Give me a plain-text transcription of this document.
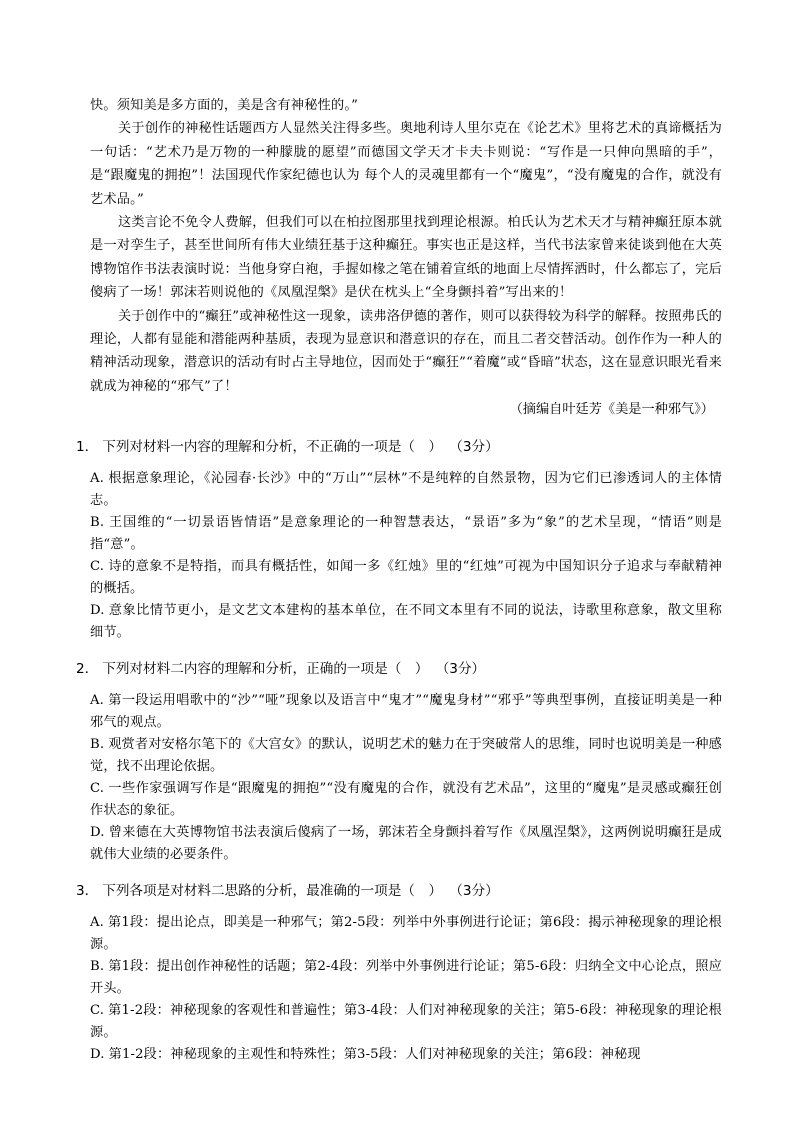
快。须知美是多方面的，美是含有神秘性的。”

关于创作的神秘性话题西方人显然关注得多些。奥地利诗人里尔克在《论艺术》里将艺术的真谛概括为一句话：“艺术乃是万物的一种朦胧的愿望”而德国文学天才卡夫卡则说：“写作是一只伸向黑暗的手”，是“跟魔鬼的拥抱”！法国现代作家纪德也认为 每个人的灵魂里都有一个“魔鬼”，“没有魔鬼的合作，就没有艺术品。”

这类言论不免令人费解，但我们可以在柏拉图那里找到理论根源。柏氏认为艺术天才与精神癫狂原本就是一对孪生子，甚至世间所有伟大业绩狂基于这种癫狂。事实也正是这样，当代书法家曾来徒谈到他在大英博物馆作书法表演时说：当他身穿白袍，手握如椽之笔在铺着宣纸的地面上尽情挥洒时，什么都忘了，完后傻病了一场！郭沫若则说他的《凤凰涅槃》是伏在枕头上“全身颤抖着”写出来的！

关于创作中的“癫狂”或神秘性这一现象，读弗洛伊德的著作，则可以获得较为科学的解释。按照弗氏的理论，人都有显能和潜能两种基质，表现为显意识和潜意识的存在，而且二者交替活动。创作作为一种人的精神活动现象，潜意识的活动有时占主导地位，因而处于“癫狂”“着魔”或“昏暗”状态，这在显意识眼光看来就成为神秘的“邪气”了！

（摘编自叶廷芳《美是一种邪气》）

1． 下列对材料一内容的理解和分析，不正确的一项是（　） （3分）

A. 根据意象理论，《沁园春·长沙》中的“万山”“层林”不是纯粹的自然景物，因为它们已渗透词人的主体情志。

B. 王国维的“一切景语皆情语”是意象理论的一种智慧表达，“景语”多为“象”的艺术呈现，“情语”则是指“意”。

C. 诗的意象不是特指，而具有概括性，如闻一多《红烛》里的“红烛”可视为中国知识分子追求与奉献精神的概括。

D. 意象比情节更小，是文艺文本建构的基本单位，在不同文本里有不同的说法，诗歌里称意象，散文里称细节。

2． 下列对材料二内容的理解和分析，正确的一项是（　） （3分）

A. 第一段运用唱歌中的“沙”“哑”现象以及语言中“鬼才”“魔鬼身材”“邪乎”等典型事例，直接证明美是一种邪气的观点。

B. 观赏者对安格尔笔下的《大宫女》的默认，说明艺术的魅力在于突破常人的思维，同时也说明美是一种感觉，找不出理论依据。

C. 一些作家强调写作是“跟魔鬼的拥抱”“没有魔鬼的合作，就没有艺术品”，这里的“魔鬼”是灵感或癫狂创作状态的象征。

D. 曾来德在大英博物馆书法表演后傻病了一场，郭沫若全身颤抖着写作《凤凰涅槃》，这两例说明癫狂是成就伟大业绩的必要条件。

3． 下列各项是对材料二思路的分析，最准确的一项是（　） （3分）

A. 第1段：提出论点，即美是一种邪气；第2-5段：列举中外事例进行论证；第6段：揭示神秘现象的理论根源。

B. 第1段：提出创作神秘性的话题；第2-4段：列举中外事例进行论证；第5-6段：归纳全文中心论点，照应开头。

C. 第1-2段：神秘现象的客观性和普遍性；第3-4段：人们对神秘现象的关注；第5-6段：神秘现象的理论根源。

D. 第1-2段：神秘现象的主观性和特殊性；第3-5段：人们对神秘现象的关注；第6段：神秘现
